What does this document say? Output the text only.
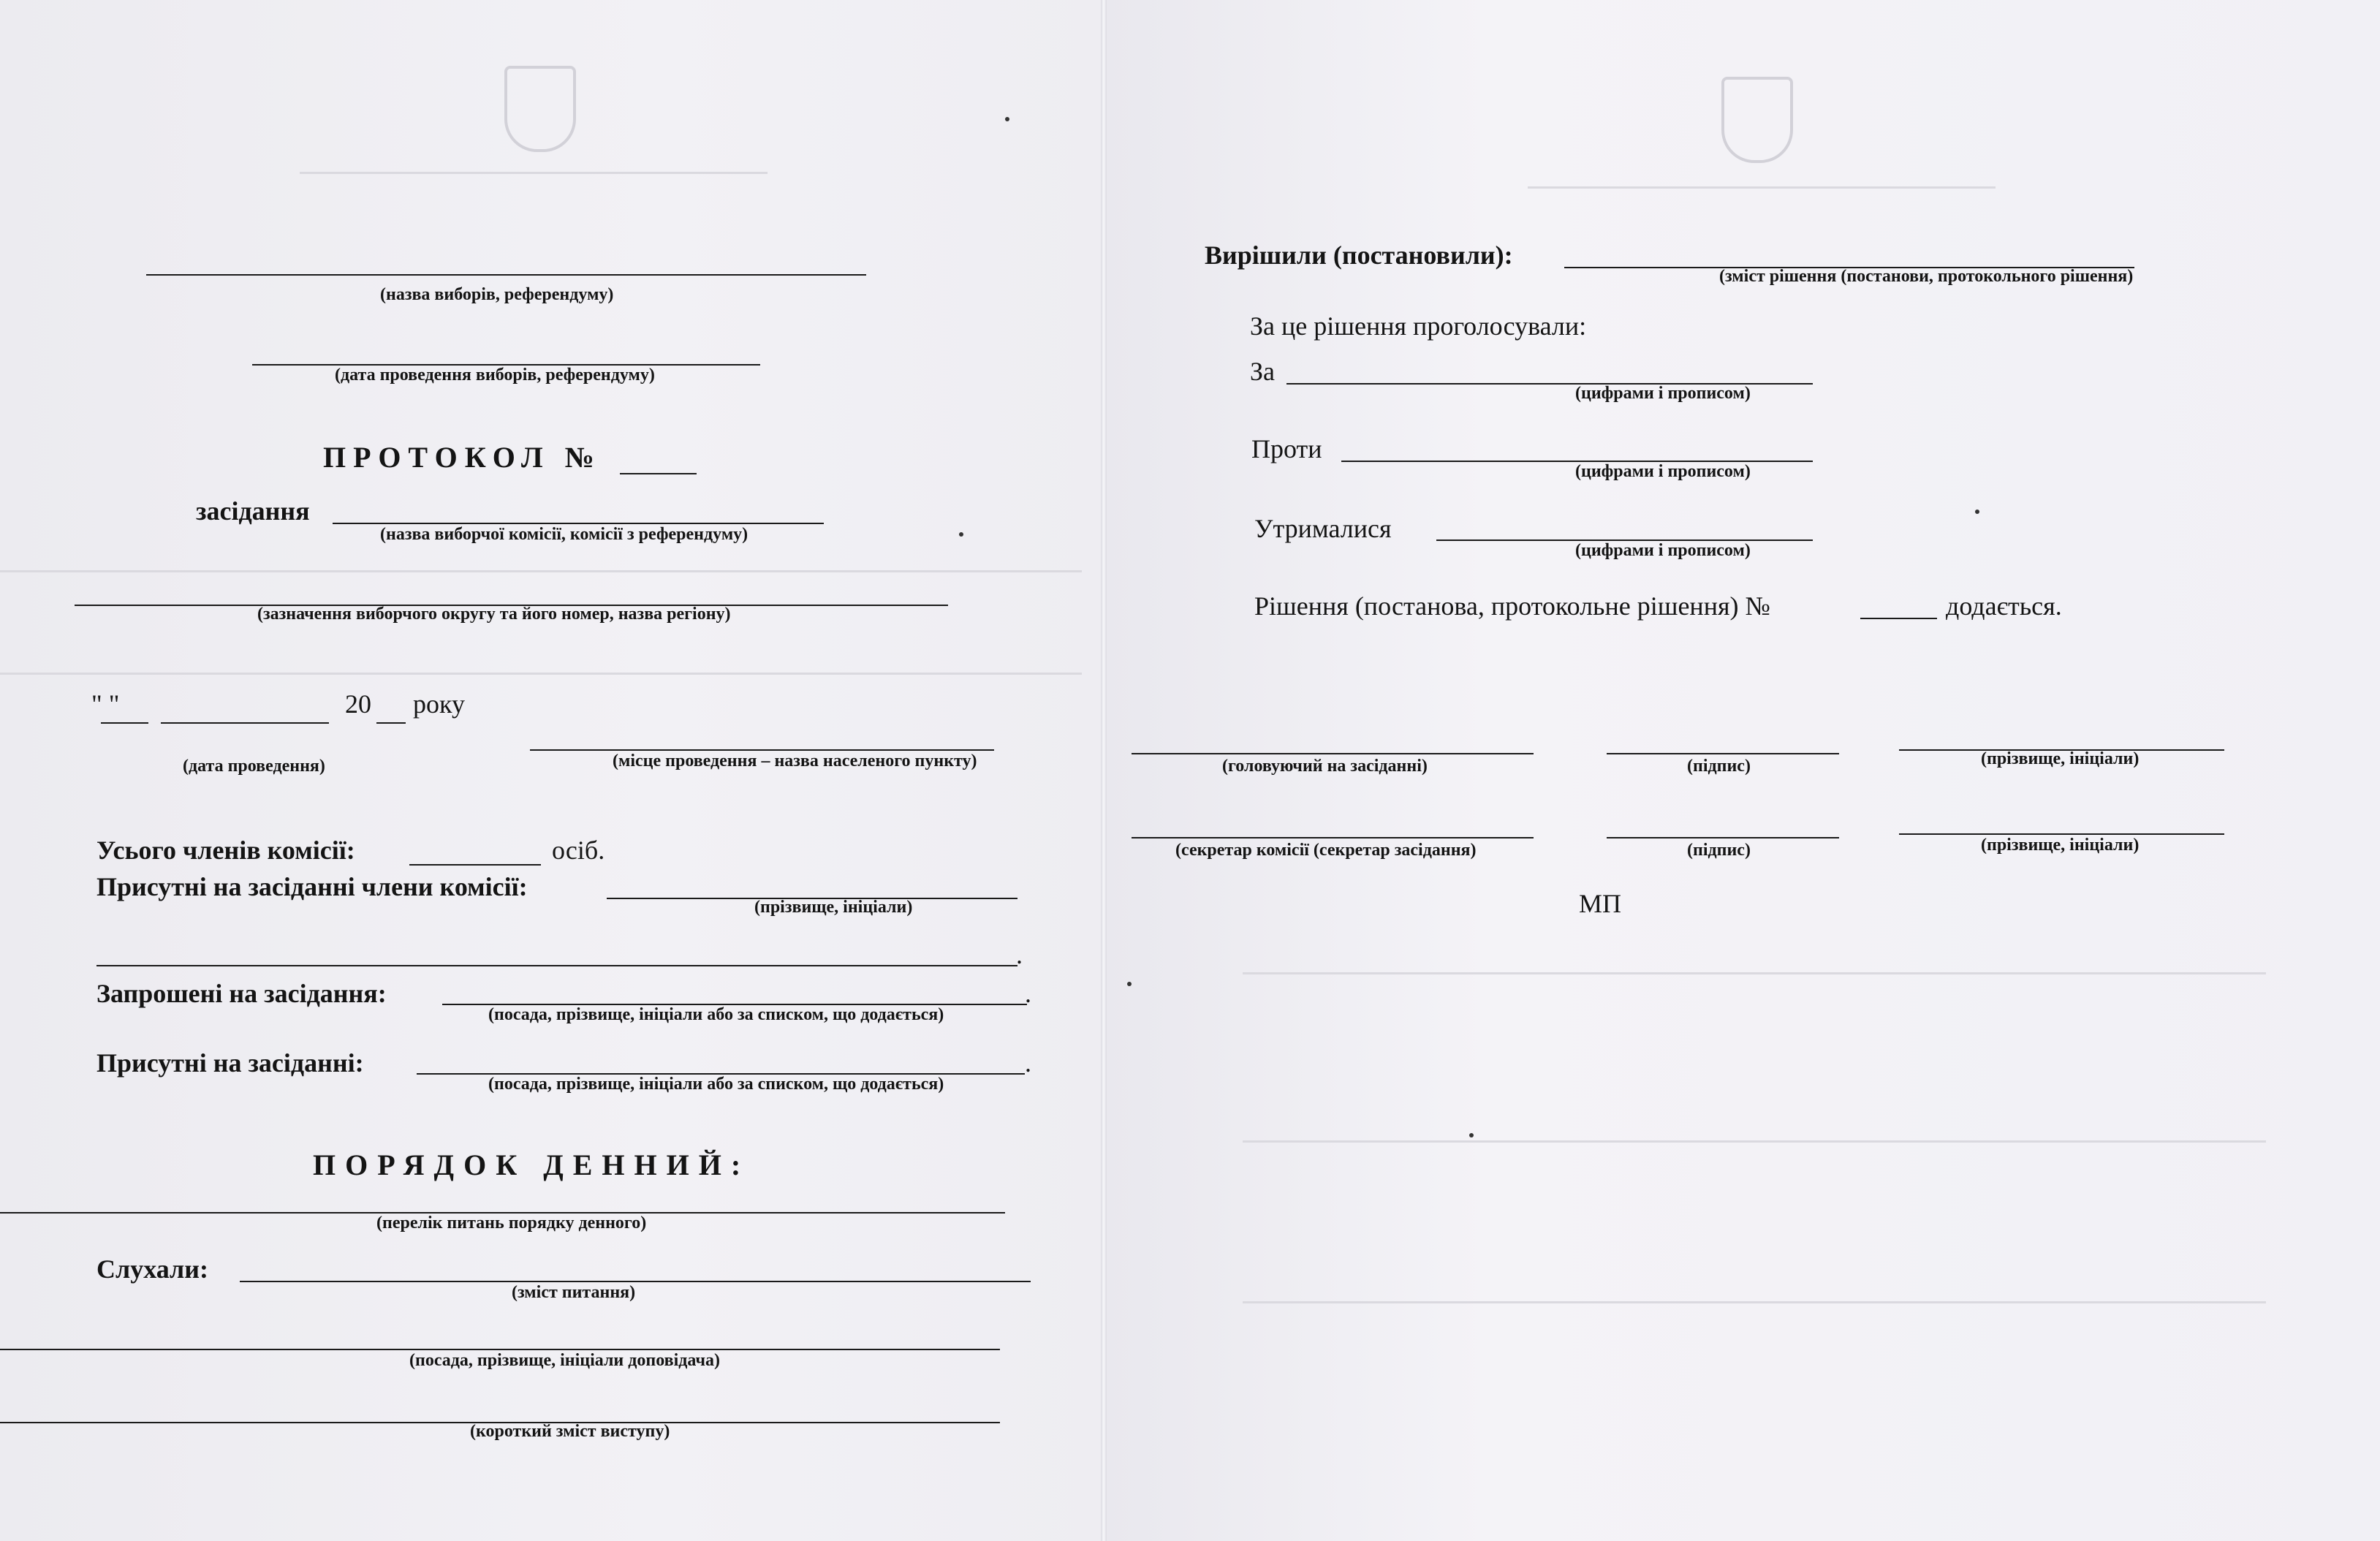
(назва виборів, референдуму)
(дата проведення виборів, референдуму)
ПРОТОКОЛ №
засідання
(назва виборчої комісії, комісії з референдуму)
(зазначення виборчого округу та його номер, назва регіону)
" "	20 року
(дата проведення)	(місце проведення – назва населеного пункту)
Усього членів комісії:	осіб.
Присутні на засіданні члени комісії:
(прізвище, ініціали)
.
Запрошені на засідання:	.
(посада, прізвище, ініціали або за списком, що додається)
Присутні на засіданні:	.
(посада, прізвище, ініціали або за списком, що додається)
ПОРЯДОК ДЕННИЙ:
(перелік питань порядку денного)
Слухали:
(зміст питання)
(посада, прізвище, ініціали доповідача)
(короткий зміст виступу)
Вирішили (постановили):
(зміст рішення (постанови, протокольного рішення)
За це рішення проголосували:
За
(цифрами і прописом)
Проти
(цифрами і прописом)
Утрималися
(цифрами і прописом)
Рішення (постанова, протокольне рішення) №	додається.
(головуючий на засіданні)	(підпис)	(прізвище, ініціали)
(секретар комісії (секретар засідання)	(підпис)	(прізвище, ініціали)
МП
